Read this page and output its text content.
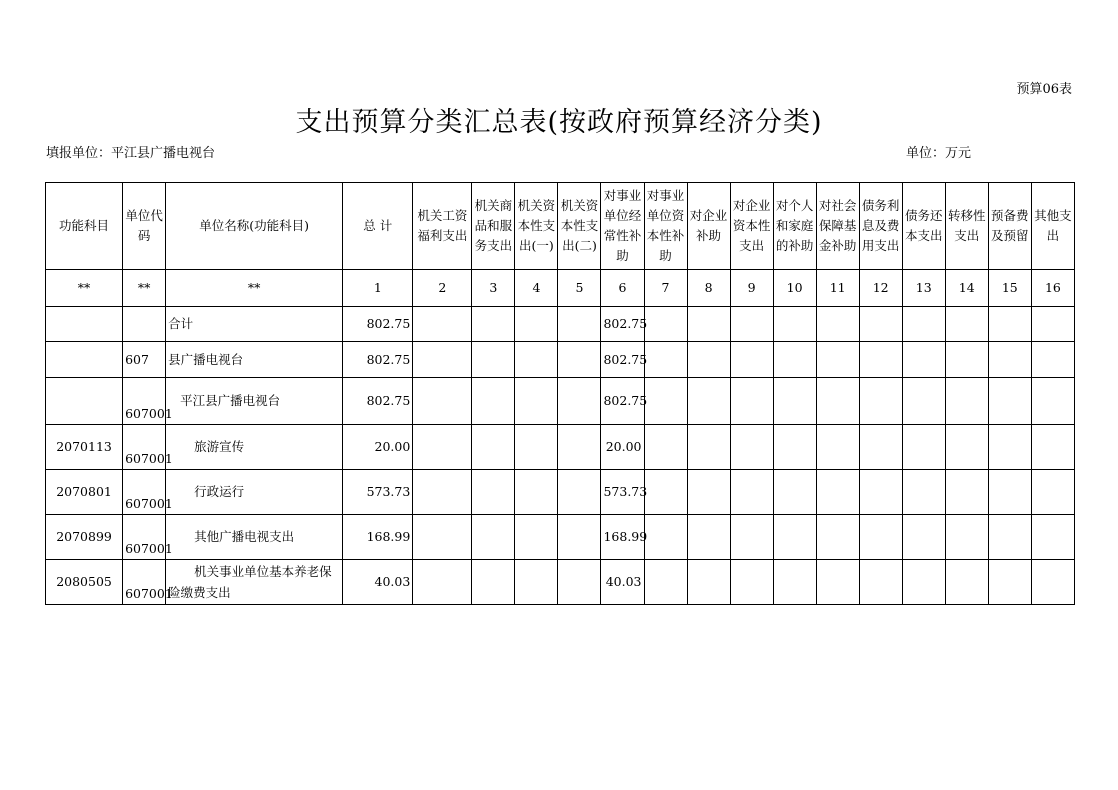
预算06表
支出预算分类汇总表(按政府预算经济分类)
填报单位：平江县广播电视台	单位：万元
功能科目	单位代码	单位名称(功能科目)	总 计	机关工资福利支出	机关商品和服务支出	机关资本性支出(一)	机关资本性支出(二)	对事业单位经常性补助	对事业单位资本性补助	对企业补助	对企业资本性支出	对个人和家庭的补助	对社会保障基金补助	债务利息及费用支出	债务还本支出	转移性支出	预备费及预留	其他支出
**	**	**	1	2	3	4	5	6	7	8	9	10	11	12	13	14	15	16
		合计	802.75					802.75										
	607	县广播电视台	802.75					802.75										
	607001	平江县广播电视台	802.75					802.75										
2070113	607001	旅游宣传	20.00					20.00										
2070801	607001	行政运行	573.73					573.73										
2070899	607001	其他广播电视支出	168.99					168.99										
2080505	607001	机关事业单位基本养老保险缴费支出	40.03					40.03										
